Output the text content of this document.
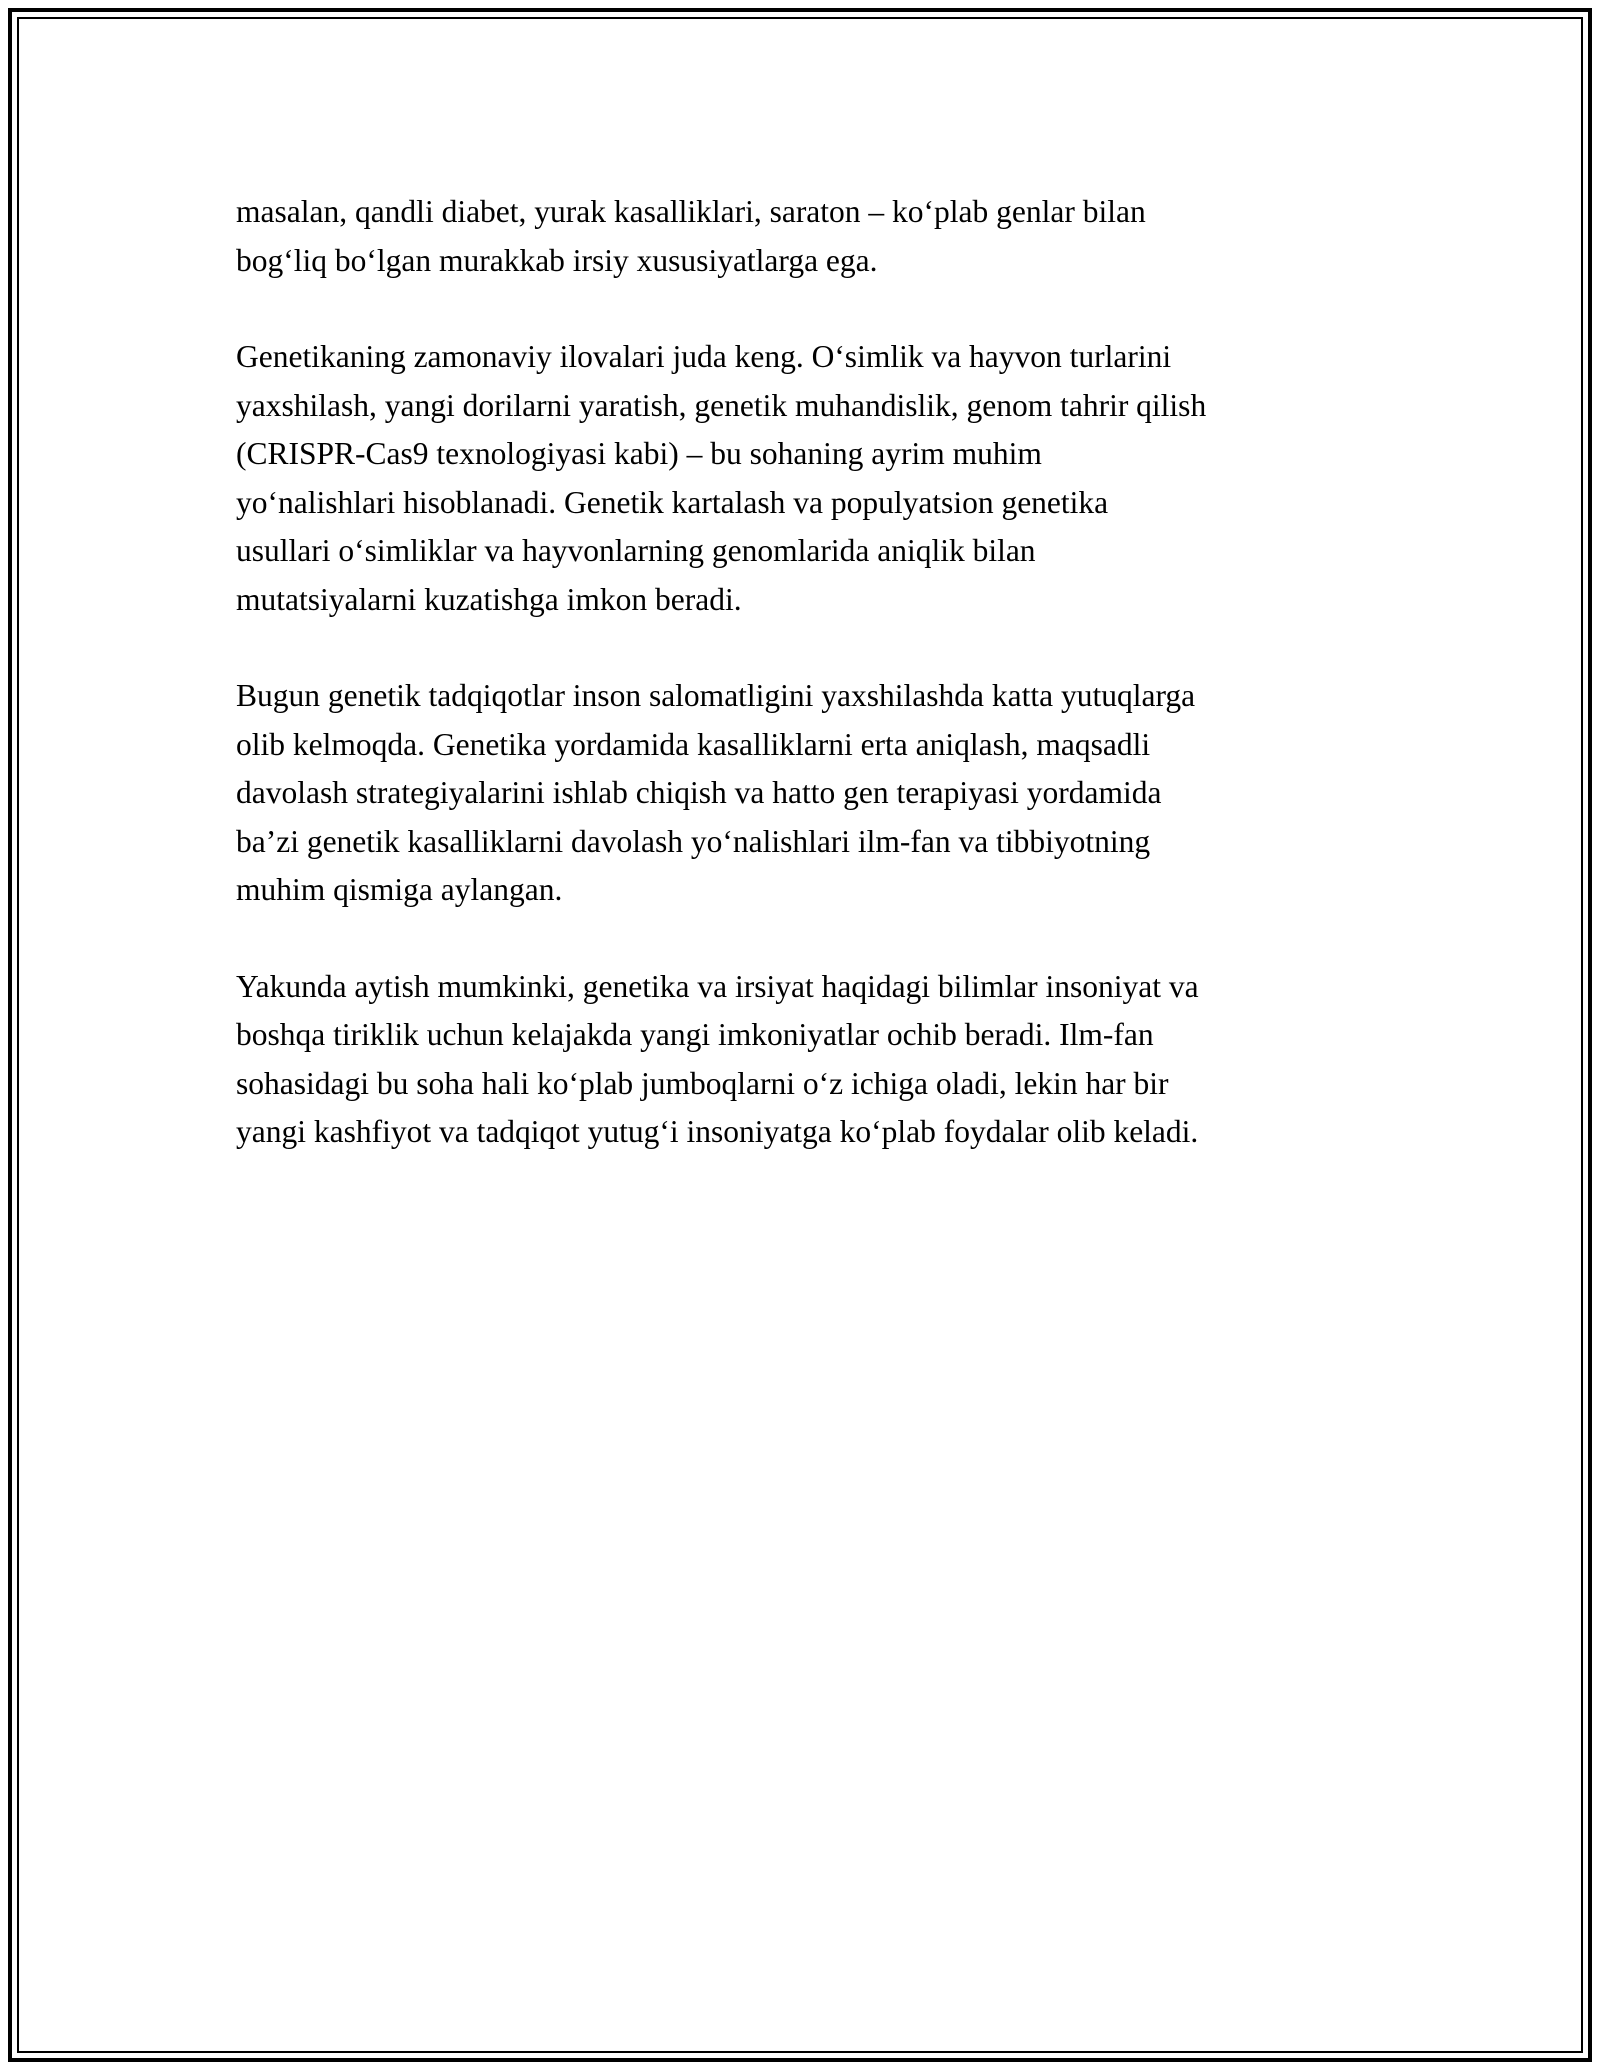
masalan, qandli diabet, yurak kasalliklari, saraton – ko‘plab genlar bilan
bog‘liq bo‘lgan murakkab irsiy xususiyatlarga ega.

Genetikaning zamonaviy ilovalari juda keng. O‘simlik va hayvon turlarini
yaxshilash, yangi dorilarni yaratish, genetik muhandislik, genom tahrir qilish
(CRISPR-Cas9 texnologiyasi kabi) – bu sohaning ayrim muhim
yo‘nalishlari hisoblanadi. Genetik kartalash va populyatsion genetika
usullari o‘simliklar va hayvonlarning genomlarida aniqlik bilan
mutatsiyalarni kuzatishga imkon beradi.

Bugun genetik tadqiqotlar inson salomatligini yaxshilashda katta yutuqlarga
olib kelmoqda. Genetika yordamida kasalliklarni erta aniqlash, maqsadli
davolash strategiyalarini ishlab chiqish va hatto gen terapiyasi yordamida
ba’zi genetik kasalliklarni davolash yo‘nalishlari ilm-fan va tibbiyotning
muhim qismiga aylangan.

Yakunda aytish mumkinki, genetika va irsiyat haqidagi bilimlar insoniyat va
boshqa tiriklik uchun kelajakda yangi imkoniyatlar ochib beradi. Ilm-fan
sohasidagi bu soha hali ko‘plab jumboqlarni o‘z ichiga oladi, lekin har bir
yangi kashfiyot va tadqiqot yutug‘i insoniyatga ko‘plab foydalar olib keladi.
